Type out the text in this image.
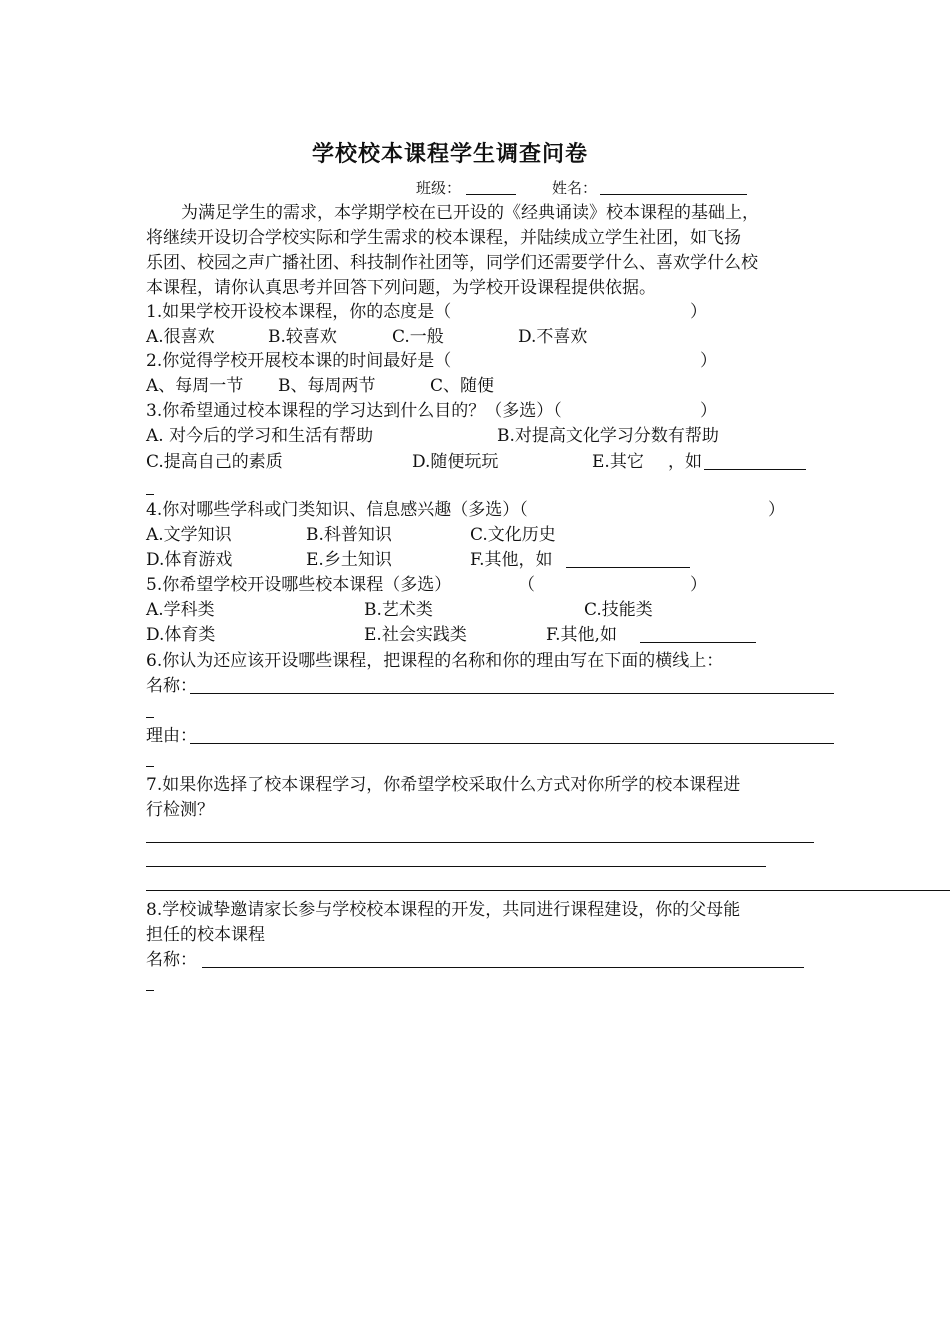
学校校本课程学生调查问卷
班级：	姓名：
为满足学生的需求，本学期学校在已开设的《经典诵读》校本课程的基础上，
将继续开设切合学校实际和学生需求的校本课程，并陆续成立学生社团，如飞扬
乐团、校园之声广播社团、科技制作社团等，同学们还需要学什么、喜欢学什么校
本课程，请你认真思考并回答下列问题，为学校开设课程提供依据。
1.如果学校开设校本课程，你的态度是（	）
A.很喜欢	B.较喜欢	C.一般	D.不喜欢
2.你觉得学校开展校本课的时间最好是（	）
A、每周一节 B、每周两节	C、随便
3.你希望通过校本课程的学习达到什么目的？（多选）（	）
A. 对今后的学习和生活有帮助	B.对提高文化学习分数有帮助
C.提高自己的素质	D.随便玩玩	E.其它 ，如
4.你对哪些学科或门类知识、信息感兴趣（多选）（	）
A.文学知识	B.科普知识	C.文化历史
D.体育游戏	E.乡土知识	F.其他，如
5.你希望学校开设哪些校本课程（多选）	（	）
A.学科类	B.艺术类	C.技能类
D.体育类	E.社会实践类	F.其他,如
6.你认为还应该开设哪些课程，把课程的名称和你的理由写在下面的横线上：
名称：
理由：
7.如果你选择了校本课程学习，你希望学校采取什么方式对你所学的校本课程进
行检测？
8.学校诚挚邀请家长参与学校校本课程的开发，共同进行课程建设，你的父母能
担任的校本课程
名称：
